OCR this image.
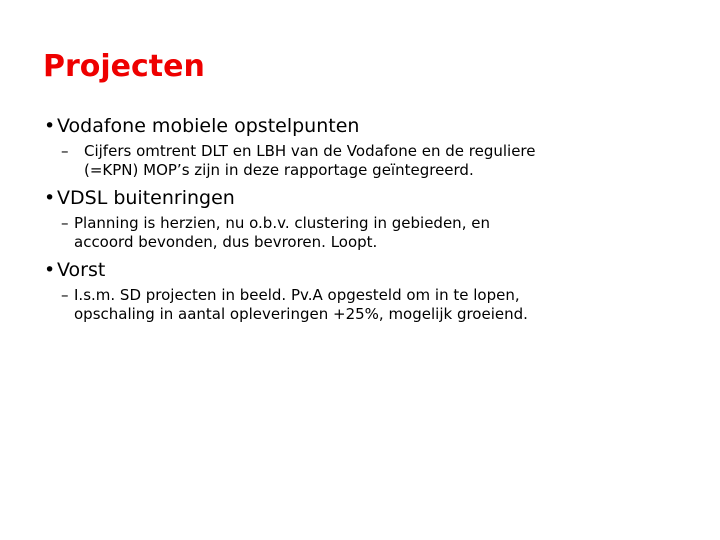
Projecten
• Vodafone mobiele opstelpunten
–	Cijfers omtrent DLT en LBH van de Vodafone en de reguliere
(=KPN) MOP’s zijn in deze rapportage geïntegreerd.
• VDSL buitenringen
– Planning is herzien, nu o.b.v. clustering in gebieden, en
accoord bevonden, dus bevroren. Loopt.
• Vorst
– I.s.m. SD projecten in beeld. Pv.A opgesteld om in te lopen,
opschaling in aantal opleveringen +25%, mogelijk groeiend.
